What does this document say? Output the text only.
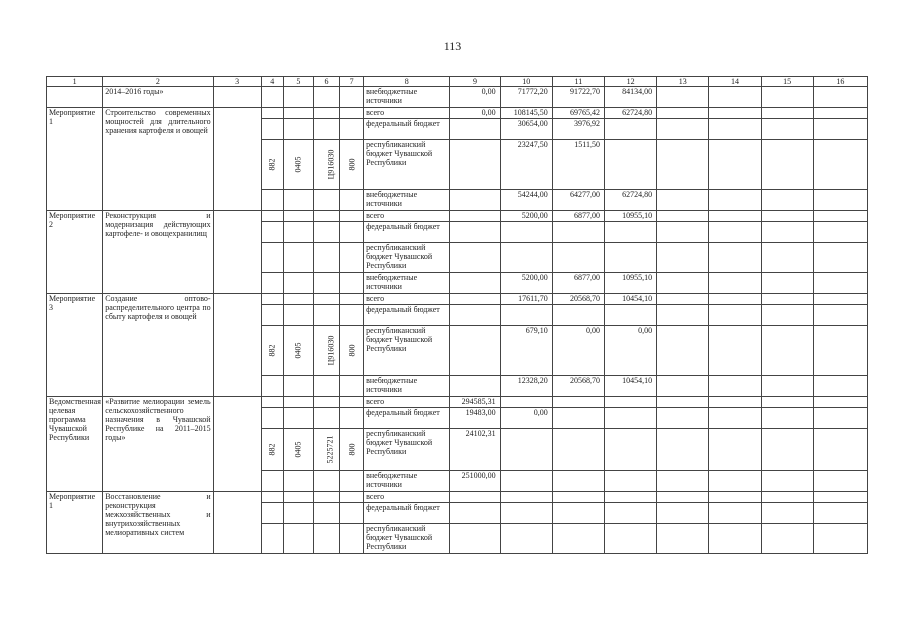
113
1	2	3	4	5	6	7	8	9	10	11	12	13	14	15	16
	2014–2016 годы»						внебюджетные источники	0,00	71772,20	91722,70	84134,00				
Мероприятие 1	Строительство современных мощностей для длительного хранения картофеля и овощей						всего	0,00	108145,50	69765,42	62724,80				
							федеральный бюджет		30654,00	3976,92					
			882	0405	Ц916030	800	республиканский бюджет Чувашской Республики		23247,50	1511,50					
							внебюджетные источники		54244,00	64277,00	62724,80				
Мероприятие 2	Реконструкция и модернизация действующих картофеле- и овощехранилищ						всего		5200,00	6877,00	10955,10				
							федеральный бюджет								
							республиканский бюджет Чувашской Республики								
							внебюджетные источники		5200,00	6877,00	10955,10				
Мероприятие 3	Создание оптово-распределительного центра по сбыту картофеля и овощей						всего		17611,70	20568,70	10454,10				
							федеральный бюджет								
			882	0405	Ц916030	800	республиканский бюджет Чувашской Республики		679,10	0,00	0,00				
							внебюджетные источники		12328,20	20568,70	10454,10				
Ведомственная целевая программа Чувашской Республики	«Развитие мелиорации земель сельскохозяйственного назначения в Чувашской Республике на 2011–2015 годы»						всего	294585,31							
							федеральный бюджет	19483,00	0,00						
			882	0405	5225721	800	республиканский бюджет Чувашской Республики	24102,31							
							внебюджетные источники	251000,00							
Мероприятие 1	Восстановление и реконструкция межхозяйственных и внутрихозяйственных мелиоративных систем						всего								
							федеральный бюджет								
							республиканский бюджет Чувашской Республики								
